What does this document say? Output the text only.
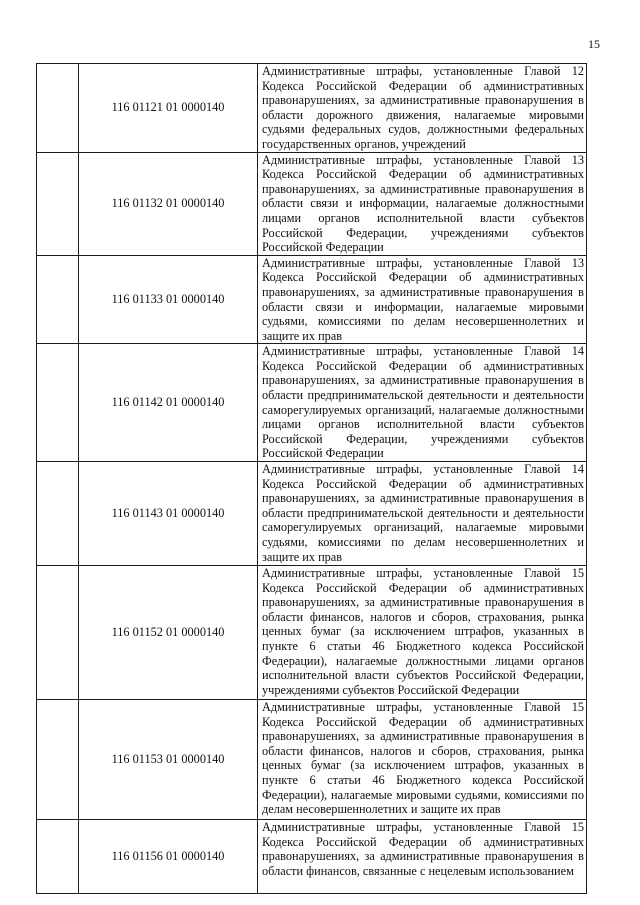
15
	116 01121 01 0000140	Административные штрафы, установленные Главой 12 Кодекса Российской Федерации об административных правонарушениях, за административные правонарушения в области дорожного движения, налагаемые мировыми судьями федеральных судов, должностными федеральных государственных органов, учреждений

	116 01132 01 0000140	Административные штрафы, установленные Главой 13 Кодекса Российской Федерации об административных правонарушениях, за административные правонарушения в области связи и информации, налагаемые должностными лицами органов исполнительной власти субъектов Российской Федерации, учреждениями субъектов Российской Федерации

	116 01133 01 0000140	Административные штрафы, установленные Главой 13 Кодекса Российской Федерации об административных правонарушениях, за административные правонарушения в области связи и информации, налагаемые мировыми судьями, комиссиями по делам несовершеннолетних и защите их прав

	116 01142 01 0000140	Административные штрафы, установленные Главой 14 Кодекса Российской Федерации об административных правонарушениях, за административные правонарушения в области предпринимательской деятельности и деятельности саморегулируемых организаций, налагаемые должностными лицами органов исполнительной власти субъектов Российской Федерации, учреждениями субъектов Российской Федерации

	116 01143 01 0000140	Административные штрафы, установленные Главой 14 Кодекса Российской Федерации об административных правонарушениях, за административные правонарушения в области предпринимательской деятельности и деятельности саморегулируемых организаций, налагаемые мировыми судьями, комиссиями по делам несовершеннолетних и защите их прав

	116 01152 01 0000140	Административные штрафы, установленные Главой 15 Кодекса Российской Федерации об административных правонарушениях, за административные правонарушения в области финансов, налогов и сборов, страхования, рынка ценных бумаг (за исключением штрафов, указанных в пункте 6 статьи 46 Бюджетного кодекса Российской Федерации), налагаемые должностными лицами органов исполнительной власти субъектов Российской Федерации, учреждениями субъектов Российской Федерации

	116 01153 01 0000140	Административные штрафы, установленные Главой 15 Кодекса Российской Федерации об административных правонарушениях, за административные правонарушения в области финансов, налогов и сборов, страхования, рынка ценных бумаг (за исключением штрафов, указанных в пункте 6 статьи 46 Бюджетного кодекса Российской Федерации), налагаемые мировыми судьями, комиссиями по делам несовершеннолетних и защите их прав

	116 01156 01 0000140	Административные штрафы, установленные Главой 15 Кодекса Российской Федерации об административных правонарушениях, за административные правонарушения в области финансов, связанные с нецелевым использованием
